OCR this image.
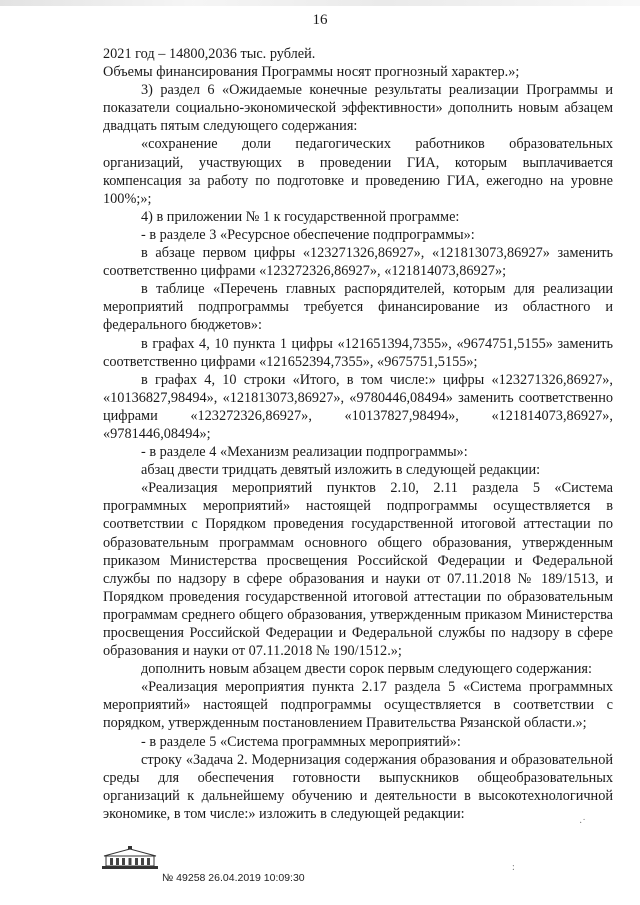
16

2021 год – 14800,2036 тыс. рублей.

Объемы финансирования Программы носят прогнозный характер.»;

3) раздел 6 «Ожидаемые конечные результаты реализации Программы и показатели социально-экономической эффективности» дополнить новым абзацем двадцать пятым следующего содержания:

«сохранение доли педагогических работников образовательных организаций, участвующих в проведении ГИА, которым выплачивается компенсация за работу по подготовке и проведению ГИА, ежегодно на уровне 100%;»;

4) в приложении № 1 к государственной программе:

- в разделе 3 «Ресурсное обеспечение подпрограммы»:

в абзаце первом цифры «123271326,86927», «121813073,86927» заменить соответственно цифрами «123272326,86927», «121814073,86927»;

в таблице «Перечень главных распорядителей, которым для реализации мероприятий подпрограммы требуется финансирование из областного и федерального бюджетов»:

в графах 4, 10 пункта 1 цифры «121651394,7355», «9674751,5155» заменить соответственно цифрами «121652394,7355», «9675751,5155»;

в графах 4, 10 строки «Итого, в том числе:» цифры «123271326,86927», «10136827,98494», «121813073,86927», «9780446,08494» заменить соответственно цифрами «123272326,86927», «10137827,98494», «121814073,86927», «9781446,08494»;

- в разделе 4 «Механизм реализации подпрограммы»:

абзац двести тридцать девятый изложить в следующей редакции:

«Реализация мероприятий пунктов 2.10, 2.11 раздела 5 «Система программных мероприятий» настоящей подпрограммы осуществляется в соответствии с Порядком проведения государственной итоговой аттестации по образовательным программам основного общего образования, утвержденным приказом Министерства просвещения Российской Федерации и Федеральной службы по надзору в сфере образования и науки от 07.11.2018 № 189/1513, и Порядком проведения государственной итоговой аттестации по образовательным программам среднего общего образования, утвержденным приказом Министерства просвещения Российской Федерации и Федеральной службы по надзору в сфере образования и науки от 07.11.2018 № 190/1512.»;

дополнить новым абзацем двести сорок первым следующего содержания:

«Реализация мероприятия пункта 2.17 раздела 5 «Система программных мероприятий» настоящей подпрограммы осуществляется в соответствии с порядком, утвержденным постановлением Правительства Рязанской области.»;

- в разделе 5 «Система программных мероприятий»:

строку «Задача 2. Модернизация содержания образования и образовательной среды для обеспечения готовности выпускников общеобразовательных организаций к дальнейшему обучению и деятельности в высокотехнологичной экономике, в том числе:» изложить в следующей редакции:

№ 49258 26.04.2019 10:09:30
·˙
:
